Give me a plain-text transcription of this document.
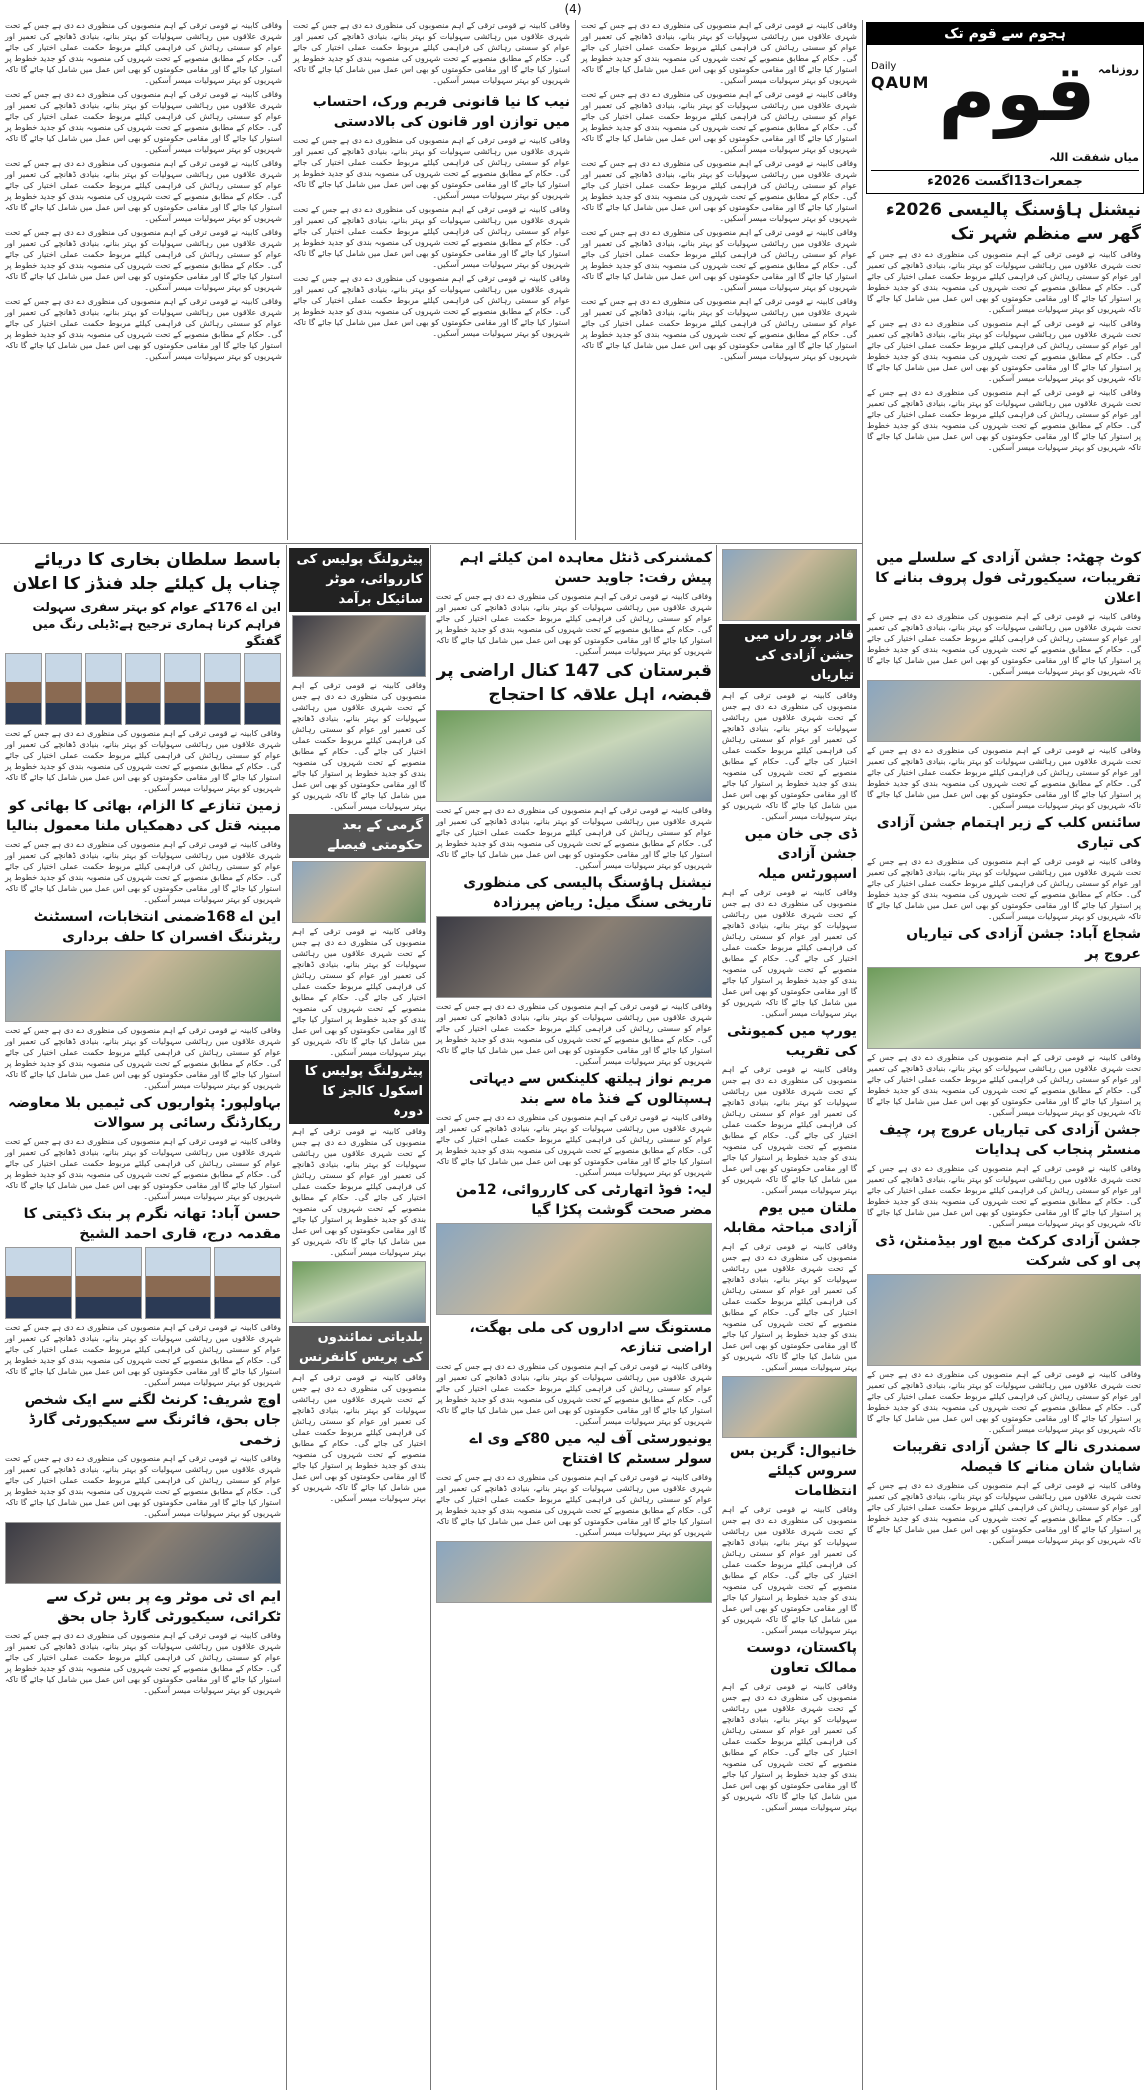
(4)
ہجوم سے قوم تک
Daily
QAUM
روزنامہ
قوم
میاں شفقت اللہ
جمعرات13اگست 2026ء
نیشنل ہاؤسنگ پالیسی 2026ء گھر سے منظم شہر تک
وفاقی کابینہ نے قومی ترقی کے اہم منصوبوں کی منظوری دے دی ہے جس کے تحت شہری علاقوں میں رہائشی سہولیات کو بہتر بنانے، بنیادی ڈھانچے کی تعمیر اور عوام کو سستی رہائش کی فراہمی کیلئے مربوط حکمت عملی اختیار کی جائے گی۔ حکام کے مطابق منصوبے کے تحت شہروں کی منصوبہ بندی کو جدید خطوط پر استوار کیا جائے گا اور مقامی حکومتوں کو بھی اس عمل میں شامل کیا جائے گا تاکہ شہریوں کو بہتر سہولیات میسر آسکیں۔
وفاقی کابینہ نے قومی ترقی کے اہم منصوبوں کی منظوری دے دی ہے جس کے تحت شہری علاقوں میں رہائشی سہولیات کو بہتر بنانے، بنیادی ڈھانچے کی تعمیر اور عوام کو سستی رہائش کی فراہمی کیلئے مربوط حکمت عملی اختیار کی جائے گی۔ حکام کے مطابق منصوبے کے تحت شہروں کی منصوبہ بندی کو جدید خطوط پر استوار کیا جائے گا اور مقامی حکومتوں کو بھی اس عمل میں شامل کیا جائے گا تاکہ شہریوں کو بہتر سہولیات میسر آسکیں۔
وفاقی کابینہ نے قومی ترقی کے اہم منصوبوں کی منظوری دے دی ہے جس کے تحت شہری علاقوں میں رہائشی سہولیات کو بہتر بنانے، بنیادی ڈھانچے کی تعمیر اور عوام کو سستی رہائش کی فراہمی کیلئے مربوط حکمت عملی اختیار کی جائے گی۔ حکام کے مطابق منصوبے کے تحت شہروں کی منصوبہ بندی کو جدید خطوط پر استوار کیا جائے گا اور مقامی حکومتوں کو بھی اس عمل میں شامل کیا جائے گا تاکہ شہریوں کو بہتر سہولیات میسر آسکیں۔
وفاقی کابینہ نے قومی ترقی کے اہم منصوبوں کی منظوری دے دی ہے جس کے تحت شہری علاقوں میں رہائشی سہولیات کو بہتر بنانے، بنیادی ڈھانچے کی تعمیر اور عوام کو سستی رہائش کی فراہمی کیلئے مربوط حکمت عملی اختیار کی جائے گی۔ حکام کے مطابق منصوبے کے تحت شہروں کی منصوبہ بندی کو جدید خطوط پر استوار کیا جائے گا اور مقامی حکومتوں کو بھی اس عمل میں شامل کیا جائے گا تاکہ شہریوں کو بہتر سہولیات میسر آسکیں۔
وفاقی کابینہ نے قومی ترقی کے اہم منصوبوں کی منظوری دے دی ہے جس کے تحت شہری علاقوں میں رہائشی سہولیات کو بہتر بنانے، بنیادی ڈھانچے کی تعمیر اور عوام کو سستی رہائش کی فراہمی کیلئے مربوط حکمت عملی اختیار کی جائے گی۔ حکام کے مطابق منصوبے کے تحت شہروں کی منصوبہ بندی کو جدید خطوط پر استوار کیا جائے گا اور مقامی حکومتوں کو بھی اس عمل میں شامل کیا جائے گا تاکہ شہریوں کو بہتر سہولیات میسر آسکیں۔
وفاقی کابینہ نے قومی ترقی کے اہم منصوبوں کی منظوری دے دی ہے جس کے تحت شہری علاقوں میں رہائشی سہولیات کو بہتر بنانے، بنیادی ڈھانچے کی تعمیر اور عوام کو سستی رہائش کی فراہمی کیلئے مربوط حکمت عملی اختیار کی جائے گی۔ حکام کے مطابق منصوبے کے تحت شہروں کی منصوبہ بندی کو جدید خطوط پر استوار کیا جائے گا اور مقامی حکومتوں کو بھی اس عمل میں شامل کیا جائے گا تاکہ شہریوں کو بہتر سہولیات میسر آسکیں۔
وفاقی کابینہ نے قومی ترقی کے اہم منصوبوں کی منظوری دے دی ہے جس کے تحت شہری علاقوں میں رہائشی سہولیات کو بہتر بنانے، بنیادی ڈھانچے کی تعمیر اور عوام کو سستی رہائش کی فراہمی کیلئے مربوط حکمت عملی اختیار کی جائے گی۔ حکام کے مطابق منصوبے کے تحت شہروں کی منصوبہ بندی کو جدید خطوط پر استوار کیا جائے گا اور مقامی حکومتوں کو بھی اس عمل میں شامل کیا جائے گا تاکہ شہریوں کو بہتر سہولیات میسر آسکیں۔
وفاقی کابینہ نے قومی ترقی کے اہم منصوبوں کی منظوری دے دی ہے جس کے تحت شہری علاقوں میں رہائشی سہولیات کو بہتر بنانے، بنیادی ڈھانچے کی تعمیر اور عوام کو سستی رہائش کی فراہمی کیلئے مربوط حکمت عملی اختیار کی جائے گی۔ حکام کے مطابق منصوبے کے تحت شہروں کی منصوبہ بندی کو جدید خطوط پر استوار کیا جائے گا اور مقامی حکومتوں کو بھی اس عمل میں شامل کیا جائے گا تاکہ شہریوں کو بہتر سہولیات میسر آسکیں۔
وفاقی کابینہ نے قومی ترقی کے اہم منصوبوں کی منظوری دے دی ہے جس کے تحت شہری علاقوں میں رہائشی سہولیات کو بہتر بنانے، بنیادی ڈھانچے کی تعمیر اور عوام کو سستی رہائش کی فراہمی کیلئے مربوط حکمت عملی اختیار کی جائے گی۔ حکام کے مطابق منصوبے کے تحت شہروں کی منصوبہ بندی کو جدید خطوط پر استوار کیا جائے گا اور مقامی حکومتوں کو بھی اس عمل میں شامل کیا جائے گا تاکہ شہریوں کو بہتر سہولیات میسر آسکیں۔
نیب کا نیا قانونی فریم ورک، احتساب میں توازن اور قانون کی بالادستی
وفاقی کابینہ نے قومی ترقی کے اہم منصوبوں کی منظوری دے دی ہے جس کے تحت شہری علاقوں میں رہائشی سہولیات کو بہتر بنانے، بنیادی ڈھانچے کی تعمیر اور عوام کو سستی رہائش کی فراہمی کیلئے مربوط حکمت عملی اختیار کی جائے گی۔ حکام کے مطابق منصوبے کے تحت شہروں کی منصوبہ بندی کو جدید خطوط پر استوار کیا جائے گا اور مقامی حکومتوں کو بھی اس عمل میں شامل کیا جائے گا تاکہ شہریوں کو بہتر سہولیات میسر آسکیں۔
وفاقی کابینہ نے قومی ترقی کے اہم منصوبوں کی منظوری دے دی ہے جس کے تحت شہری علاقوں میں رہائشی سہولیات کو بہتر بنانے، بنیادی ڈھانچے کی تعمیر اور عوام کو سستی رہائش کی فراہمی کیلئے مربوط حکمت عملی اختیار کی جائے گی۔ حکام کے مطابق منصوبے کے تحت شہروں کی منصوبہ بندی کو جدید خطوط پر استوار کیا جائے گا اور مقامی حکومتوں کو بھی اس عمل میں شامل کیا جائے گا تاکہ شہریوں کو بہتر سہولیات میسر آسکیں۔
وفاقی کابینہ نے قومی ترقی کے اہم منصوبوں کی منظوری دے دی ہے جس کے تحت شہری علاقوں میں رہائشی سہولیات کو بہتر بنانے، بنیادی ڈھانچے کی تعمیر اور عوام کو سستی رہائش کی فراہمی کیلئے مربوط حکمت عملی اختیار کی جائے گی۔ حکام کے مطابق منصوبے کے تحت شہروں کی منصوبہ بندی کو جدید خطوط پر استوار کیا جائے گا اور مقامی حکومتوں کو بھی اس عمل میں شامل کیا جائے گا تاکہ شہریوں کو بہتر سہولیات میسر آسکیں۔
وفاقی کابینہ نے قومی ترقی کے اہم منصوبوں کی منظوری دے دی ہے جس کے تحت شہری علاقوں میں رہائشی سہولیات کو بہتر بنانے، بنیادی ڈھانچے کی تعمیر اور عوام کو سستی رہائش کی فراہمی کیلئے مربوط حکمت عملی اختیار کی جائے گی۔ حکام کے مطابق منصوبے کے تحت شہروں کی منصوبہ بندی کو جدید خطوط پر استوار کیا جائے گا اور مقامی حکومتوں کو بھی اس عمل میں شامل کیا جائے گا تاکہ شہریوں کو بہتر سہولیات میسر آسکیں۔
وفاقی کابینہ نے قومی ترقی کے اہم منصوبوں کی منظوری دے دی ہے جس کے تحت شہری علاقوں میں رہائشی سہولیات کو بہتر بنانے، بنیادی ڈھانچے کی تعمیر اور عوام کو سستی رہائش کی فراہمی کیلئے مربوط حکمت عملی اختیار کی جائے گی۔ حکام کے مطابق منصوبے کے تحت شہروں کی منصوبہ بندی کو جدید خطوط پر استوار کیا جائے گا اور مقامی حکومتوں کو بھی اس عمل میں شامل کیا جائے گا تاکہ شہریوں کو بہتر سہولیات میسر آسکیں۔
وفاقی کابینہ نے قومی ترقی کے اہم منصوبوں کی منظوری دے دی ہے جس کے تحت شہری علاقوں میں رہائشی سہولیات کو بہتر بنانے، بنیادی ڈھانچے کی تعمیر اور عوام کو سستی رہائش کی فراہمی کیلئے مربوط حکمت عملی اختیار کی جائے گی۔ حکام کے مطابق منصوبے کے تحت شہروں کی منصوبہ بندی کو جدید خطوط پر استوار کیا جائے گا اور مقامی حکومتوں کو بھی اس عمل میں شامل کیا جائے گا تاکہ شہریوں کو بہتر سہولیات میسر آسکیں۔
وفاقی کابینہ نے قومی ترقی کے اہم منصوبوں کی منظوری دے دی ہے جس کے تحت شہری علاقوں میں رہائشی سہولیات کو بہتر بنانے، بنیادی ڈھانچے کی تعمیر اور عوام کو سستی رہائش کی فراہمی کیلئے مربوط حکمت عملی اختیار کی جائے گی۔ حکام کے مطابق منصوبے کے تحت شہروں کی منصوبہ بندی کو جدید خطوط پر استوار کیا جائے گا اور مقامی حکومتوں کو بھی اس عمل میں شامل کیا جائے گا تاکہ شہریوں کو بہتر سہولیات میسر آسکیں۔
وفاقی کابینہ نے قومی ترقی کے اہم منصوبوں کی منظوری دے دی ہے جس کے تحت شہری علاقوں میں رہائشی سہولیات کو بہتر بنانے، بنیادی ڈھانچے کی تعمیر اور عوام کو سستی رہائش کی فراہمی کیلئے مربوط حکمت عملی اختیار کی جائے گی۔ حکام کے مطابق منصوبے کے تحت شہروں کی منصوبہ بندی کو جدید خطوط پر استوار کیا جائے گا اور مقامی حکومتوں کو بھی اس عمل میں شامل کیا جائے گا تاکہ شہریوں کو بہتر سہولیات میسر آسکیں۔
کوٹ چھٹہ: جشن آزادی کے سلسلے میں تقریبات، سیکیورٹی فول پروف بنانے کا اعلان
وفاقی کابینہ نے قومی ترقی کے اہم منصوبوں کی منظوری دے دی ہے جس کے تحت شہری علاقوں میں رہائشی سہولیات کو بہتر بنانے، بنیادی ڈھانچے کی تعمیر اور عوام کو سستی رہائش کی فراہمی کیلئے مربوط حکمت عملی اختیار کی جائے گی۔ حکام کے مطابق منصوبے کے تحت شہروں کی منصوبہ بندی کو جدید خطوط پر استوار کیا جائے گا اور مقامی حکومتوں کو بھی اس عمل میں شامل کیا جائے گا تاکہ شہریوں کو بہتر سہولیات میسر آسکیں۔
وفاقی کابینہ نے قومی ترقی کے اہم منصوبوں کی منظوری دے دی ہے جس کے تحت شہری علاقوں میں رہائشی سہولیات کو بہتر بنانے، بنیادی ڈھانچے کی تعمیر اور عوام کو سستی رہائش کی فراہمی کیلئے مربوط حکمت عملی اختیار کی جائے گی۔ حکام کے مطابق منصوبے کے تحت شہروں کی منصوبہ بندی کو جدید خطوط پر استوار کیا جائے گا اور مقامی حکومتوں کو بھی اس عمل میں شامل کیا جائے گا تاکہ شہریوں کو بہتر سہولیات میسر آسکیں۔
سائنس کلب کے زیر اہتمام جشن آزادی کی تیاری
وفاقی کابینہ نے قومی ترقی کے اہم منصوبوں کی منظوری دے دی ہے جس کے تحت شہری علاقوں میں رہائشی سہولیات کو بہتر بنانے، بنیادی ڈھانچے کی تعمیر اور عوام کو سستی رہائش کی فراہمی کیلئے مربوط حکمت عملی اختیار کی جائے گی۔ حکام کے مطابق منصوبے کے تحت شہروں کی منصوبہ بندی کو جدید خطوط پر استوار کیا جائے گا اور مقامی حکومتوں کو بھی اس عمل میں شامل کیا جائے گا تاکہ شہریوں کو بہتر سہولیات میسر آسکیں۔
شجاع آباد: جشن آزادی کی تیاریاں عروج پر
وفاقی کابینہ نے قومی ترقی کے اہم منصوبوں کی منظوری دے دی ہے جس کے تحت شہری علاقوں میں رہائشی سہولیات کو بہتر بنانے، بنیادی ڈھانچے کی تعمیر اور عوام کو سستی رہائش کی فراہمی کیلئے مربوط حکمت عملی اختیار کی جائے گی۔ حکام کے مطابق منصوبے کے تحت شہروں کی منصوبہ بندی کو جدید خطوط پر استوار کیا جائے گا اور مقامی حکومتوں کو بھی اس عمل میں شامل کیا جائے گا تاکہ شہریوں کو بہتر سہولیات میسر آسکیں۔
جشن آزادی کی تیاریاں عروج پر، چیف منسٹر پنجاب کی ہدایات
وفاقی کابینہ نے قومی ترقی کے اہم منصوبوں کی منظوری دے دی ہے جس کے تحت شہری علاقوں میں رہائشی سہولیات کو بہتر بنانے، بنیادی ڈھانچے کی تعمیر اور عوام کو سستی رہائش کی فراہمی کیلئے مربوط حکمت عملی اختیار کی جائے گی۔ حکام کے مطابق منصوبے کے تحت شہروں کی منصوبہ بندی کو جدید خطوط پر استوار کیا جائے گا اور مقامی حکومتوں کو بھی اس عمل میں شامل کیا جائے گا تاکہ شہریوں کو بہتر سہولیات میسر آسکیں۔
جشن آزادی کرکٹ میچ اور بیڈمنٹن، ڈی پی او کی شرکت
وفاقی کابینہ نے قومی ترقی کے اہم منصوبوں کی منظوری دے دی ہے جس کے تحت شہری علاقوں میں رہائشی سہولیات کو بہتر بنانے، بنیادی ڈھانچے کی تعمیر اور عوام کو سستی رہائش کی فراہمی کیلئے مربوط حکمت عملی اختیار کی جائے گی۔ حکام کے مطابق منصوبے کے تحت شہروں کی منصوبہ بندی کو جدید خطوط پر استوار کیا جائے گا اور مقامی حکومتوں کو بھی اس عمل میں شامل کیا جائے گا تاکہ شہریوں کو بہتر سہولیات میسر آسکیں۔
سمندری نالے کا جشن آزادی تقریبات شایان شان منانے کا فیصلہ
وفاقی کابینہ نے قومی ترقی کے اہم منصوبوں کی منظوری دے دی ہے جس کے تحت شہری علاقوں میں رہائشی سہولیات کو بہتر بنانے، بنیادی ڈھانچے کی تعمیر اور عوام کو سستی رہائش کی فراہمی کیلئے مربوط حکمت عملی اختیار کی جائے گی۔ حکام کے مطابق منصوبے کے تحت شہروں کی منصوبہ بندی کو جدید خطوط پر استوار کیا جائے گا اور مقامی حکومتوں کو بھی اس عمل میں شامل کیا جائے گا تاکہ شہریوں کو بہتر سہولیات میسر آسکیں۔
قادر پور راں میں جشن آزادی کی تیاریاں
وفاقی کابینہ نے قومی ترقی کے اہم منصوبوں کی منظوری دے دی ہے جس کے تحت شہری علاقوں میں رہائشی سہولیات کو بہتر بنانے، بنیادی ڈھانچے کی تعمیر اور عوام کو سستی رہائش کی فراہمی کیلئے مربوط حکمت عملی اختیار کی جائے گی۔ حکام کے مطابق منصوبے کے تحت شہروں کی منصوبہ بندی کو جدید خطوط پر استوار کیا جائے گا اور مقامی حکومتوں کو بھی اس عمل میں شامل کیا جائے گا تاکہ شہریوں کو بہتر سہولیات میسر آسکیں۔
ڈی جی خان میں جشن آزادی اسپورٹس میلہ
وفاقی کابینہ نے قومی ترقی کے اہم منصوبوں کی منظوری دے دی ہے جس کے تحت شہری علاقوں میں رہائشی سہولیات کو بہتر بنانے، بنیادی ڈھانچے کی تعمیر اور عوام کو سستی رہائش کی فراہمی کیلئے مربوط حکمت عملی اختیار کی جائے گی۔ حکام کے مطابق منصوبے کے تحت شہروں کی منصوبہ بندی کو جدید خطوط پر استوار کیا جائے گا اور مقامی حکومتوں کو بھی اس عمل میں شامل کیا جائے گا تاکہ شہریوں کو بہتر سہولیات میسر آسکیں۔
یورپ میں کمیونٹی کی تقریب
وفاقی کابینہ نے قومی ترقی کے اہم منصوبوں کی منظوری دے دی ہے جس کے تحت شہری علاقوں میں رہائشی سہولیات کو بہتر بنانے، بنیادی ڈھانچے کی تعمیر اور عوام کو سستی رہائش کی فراہمی کیلئے مربوط حکمت عملی اختیار کی جائے گی۔ حکام کے مطابق منصوبے کے تحت شہروں کی منصوبہ بندی کو جدید خطوط پر استوار کیا جائے گا اور مقامی حکومتوں کو بھی اس عمل میں شامل کیا جائے گا تاکہ شہریوں کو بہتر سہولیات میسر آسکیں۔
ملتان میں یوم آزادی مباحثہ مقابلہ
وفاقی کابینہ نے قومی ترقی کے اہم منصوبوں کی منظوری دے دی ہے جس کے تحت شہری علاقوں میں رہائشی سہولیات کو بہتر بنانے، بنیادی ڈھانچے کی تعمیر اور عوام کو سستی رہائش کی فراہمی کیلئے مربوط حکمت عملی اختیار کی جائے گی۔ حکام کے مطابق منصوبے کے تحت شہروں کی منصوبہ بندی کو جدید خطوط پر استوار کیا جائے گا اور مقامی حکومتوں کو بھی اس عمل میں شامل کیا جائے گا تاکہ شہریوں کو بہتر سہولیات میسر آسکیں۔
خانیوال: گرین بس سروس کیلئے انتظامات
وفاقی کابینہ نے قومی ترقی کے اہم منصوبوں کی منظوری دے دی ہے جس کے تحت شہری علاقوں میں رہائشی سہولیات کو بہتر بنانے، بنیادی ڈھانچے کی تعمیر اور عوام کو سستی رہائش کی فراہمی کیلئے مربوط حکمت عملی اختیار کی جائے گی۔ حکام کے مطابق منصوبے کے تحت شہروں کی منصوبہ بندی کو جدید خطوط پر استوار کیا جائے گا اور مقامی حکومتوں کو بھی اس عمل میں شامل کیا جائے گا تاکہ شہریوں کو بہتر سہولیات میسر آسکیں۔
پاکستان، دوست ممالک تعاون
وفاقی کابینہ نے قومی ترقی کے اہم منصوبوں کی منظوری دے دی ہے جس کے تحت شہری علاقوں میں رہائشی سہولیات کو بہتر بنانے، بنیادی ڈھانچے کی تعمیر اور عوام کو سستی رہائش کی فراہمی کیلئے مربوط حکمت عملی اختیار کی جائے گی۔ حکام کے مطابق منصوبے کے تحت شہروں کی منصوبہ بندی کو جدید خطوط پر استوار کیا جائے گا اور مقامی حکومتوں کو بھی اس عمل میں شامل کیا جائے گا تاکہ شہریوں کو بہتر سہولیات میسر آسکیں۔
کمشنرکی ڈنٹل معاہدہ امن کیلئے اہم پیش رفت: جاوید حسن
وفاقی کابینہ نے قومی ترقی کے اہم منصوبوں کی منظوری دے دی ہے جس کے تحت شہری علاقوں میں رہائشی سہولیات کو بہتر بنانے، بنیادی ڈھانچے کی تعمیر اور عوام کو سستی رہائش کی فراہمی کیلئے مربوط حکمت عملی اختیار کی جائے گی۔ حکام کے مطابق منصوبے کے تحت شہروں کی منصوبہ بندی کو جدید خطوط پر استوار کیا جائے گا اور مقامی حکومتوں کو بھی اس عمل میں شامل کیا جائے گا تاکہ شہریوں کو بہتر سہولیات میسر آسکیں۔
قبرستان کی 147 کنال اراضی پر قبضہ، اہل علاقہ کا احتجاج
وفاقی کابینہ نے قومی ترقی کے اہم منصوبوں کی منظوری دے دی ہے جس کے تحت شہری علاقوں میں رہائشی سہولیات کو بہتر بنانے، بنیادی ڈھانچے کی تعمیر اور عوام کو سستی رہائش کی فراہمی کیلئے مربوط حکمت عملی اختیار کی جائے گی۔ حکام کے مطابق منصوبے کے تحت شہروں کی منصوبہ بندی کو جدید خطوط پر استوار کیا جائے گا اور مقامی حکومتوں کو بھی اس عمل میں شامل کیا جائے گا تاکہ شہریوں کو بہتر سہولیات میسر آسکیں۔
نیشنل ہاؤسنگ پالیسی کی منظوری تاریخی سنگ میل: ریاض پیرزادہ
وفاقی کابینہ نے قومی ترقی کے اہم منصوبوں کی منظوری دے دی ہے جس کے تحت شہری علاقوں میں رہائشی سہولیات کو بہتر بنانے، بنیادی ڈھانچے کی تعمیر اور عوام کو سستی رہائش کی فراہمی کیلئے مربوط حکمت عملی اختیار کی جائے گی۔ حکام کے مطابق منصوبے کے تحت شہروں کی منصوبہ بندی کو جدید خطوط پر استوار کیا جائے گا اور مقامی حکومتوں کو بھی اس عمل میں شامل کیا جائے گا تاکہ شہریوں کو بہتر سہولیات میسر آسکیں۔
مریم نواز ہیلتھ کلینکس سے دیہاتی ہسپتالوں کے فنڈ ماہ سے بند
وفاقی کابینہ نے قومی ترقی کے اہم منصوبوں کی منظوری دے دی ہے جس کے تحت شہری علاقوں میں رہائشی سہولیات کو بہتر بنانے، بنیادی ڈھانچے کی تعمیر اور عوام کو سستی رہائش کی فراہمی کیلئے مربوط حکمت عملی اختیار کی جائے گی۔ حکام کے مطابق منصوبے کے تحت شہروں کی منصوبہ بندی کو جدید خطوط پر استوار کیا جائے گا اور مقامی حکومتوں کو بھی اس عمل میں شامل کیا جائے گا تاکہ شہریوں کو بہتر سہولیات میسر آسکیں۔
لیہ: فوڈ اتھارٹی کی کارروائی، 12من مضر صحت گوشت پکڑا گیا
مستونگ سے اداروں کی ملی بھگت، اراضی تنازعہ
وفاقی کابینہ نے قومی ترقی کے اہم منصوبوں کی منظوری دے دی ہے جس کے تحت شہری علاقوں میں رہائشی سہولیات کو بہتر بنانے، بنیادی ڈھانچے کی تعمیر اور عوام کو سستی رہائش کی فراہمی کیلئے مربوط حکمت عملی اختیار کی جائے گی۔ حکام کے مطابق منصوبے کے تحت شہروں کی منصوبہ بندی کو جدید خطوط پر استوار کیا جائے گا اور مقامی حکومتوں کو بھی اس عمل میں شامل کیا جائے گا تاکہ شہریوں کو بہتر سہولیات میسر آسکیں۔
یونیورسٹی آف لیہ میں 80کے وی اے سولر سسٹم کا افتتاح
وفاقی کابینہ نے قومی ترقی کے اہم منصوبوں کی منظوری دے دی ہے جس کے تحت شہری علاقوں میں رہائشی سہولیات کو بہتر بنانے، بنیادی ڈھانچے کی تعمیر اور عوام کو سستی رہائش کی فراہمی کیلئے مربوط حکمت عملی اختیار کی جائے گی۔ حکام کے مطابق منصوبے کے تحت شہروں کی منصوبہ بندی کو جدید خطوط پر استوار کیا جائے گا اور مقامی حکومتوں کو بھی اس عمل میں شامل کیا جائے گا تاکہ شہریوں کو بہتر سہولیات میسر آسکیں۔
پیٹرولنگ پولیس کی کارروائی، موٹر سائیکل برآمد
وفاقی کابینہ نے قومی ترقی کے اہم منصوبوں کی منظوری دے دی ہے جس کے تحت شہری علاقوں میں رہائشی سہولیات کو بہتر بنانے، بنیادی ڈھانچے کی تعمیر اور عوام کو سستی رہائش کی فراہمی کیلئے مربوط حکمت عملی اختیار کی جائے گی۔ حکام کے مطابق منصوبے کے تحت شہروں کی منصوبہ بندی کو جدید خطوط پر استوار کیا جائے گا اور مقامی حکومتوں کو بھی اس عمل میں شامل کیا جائے گا تاکہ شہریوں کو بہتر سہولیات میسر آسکیں۔
گرمی کے بعد حکومتی فیصلے
وفاقی کابینہ نے قومی ترقی کے اہم منصوبوں کی منظوری دے دی ہے جس کے تحت شہری علاقوں میں رہائشی سہولیات کو بہتر بنانے، بنیادی ڈھانچے کی تعمیر اور عوام کو سستی رہائش کی فراہمی کیلئے مربوط حکمت عملی اختیار کی جائے گی۔ حکام کے مطابق منصوبے کے تحت شہروں کی منصوبہ بندی کو جدید خطوط پر استوار کیا جائے گا اور مقامی حکومتوں کو بھی اس عمل میں شامل کیا جائے گا تاکہ شہریوں کو بہتر سہولیات میسر آسکیں۔
پیٹرولنگ پولیس کا اسکول کالجز کا دورہ
وفاقی کابینہ نے قومی ترقی کے اہم منصوبوں کی منظوری دے دی ہے جس کے تحت شہری علاقوں میں رہائشی سہولیات کو بہتر بنانے، بنیادی ڈھانچے کی تعمیر اور عوام کو سستی رہائش کی فراہمی کیلئے مربوط حکمت عملی اختیار کی جائے گی۔ حکام کے مطابق منصوبے کے تحت شہروں کی منصوبہ بندی کو جدید خطوط پر استوار کیا جائے گا اور مقامی حکومتوں کو بھی اس عمل میں شامل کیا جائے گا تاکہ شہریوں کو بہتر سہولیات میسر آسکیں۔
بلدیاتی نمائندوں کی پریس کانفرنس
وفاقی کابینہ نے قومی ترقی کے اہم منصوبوں کی منظوری دے دی ہے جس کے تحت شہری علاقوں میں رہائشی سہولیات کو بہتر بنانے، بنیادی ڈھانچے کی تعمیر اور عوام کو سستی رہائش کی فراہمی کیلئے مربوط حکمت عملی اختیار کی جائے گی۔ حکام کے مطابق منصوبے کے تحت شہروں کی منصوبہ بندی کو جدید خطوط پر استوار کیا جائے گا اور مقامی حکومتوں کو بھی اس عمل میں شامل کیا جائے گا تاکہ شہریوں کو بہتر سہولیات میسر آسکیں۔
باسط سلطان بخاری کا دریائے چناب پل کیلئے جلد فنڈز کا اعلان
این اے 176کے عوام کو بہتر سفری سہولت فراہم کرنا ہماری ترجیح ہے:ڈیلی رنگ میں گفتگو
وفاقی کابینہ نے قومی ترقی کے اہم منصوبوں کی منظوری دے دی ہے جس کے تحت شہری علاقوں میں رہائشی سہولیات کو بہتر بنانے، بنیادی ڈھانچے کی تعمیر اور عوام کو سستی رہائش کی فراہمی کیلئے مربوط حکمت عملی اختیار کی جائے گی۔ حکام کے مطابق منصوبے کے تحت شہروں کی منصوبہ بندی کو جدید خطوط پر استوار کیا جائے گا اور مقامی حکومتوں کو بھی اس عمل میں شامل کیا جائے گا تاکہ شہریوں کو بہتر سہولیات میسر آسکیں۔
زمین تنازعے کا الزام، بھائی کا بھائی کو مبینہ قتل کی دھمکیاں ملنا معمول بنالیا
وفاقی کابینہ نے قومی ترقی کے اہم منصوبوں کی منظوری دے دی ہے جس کے تحت شہری علاقوں میں رہائشی سہولیات کو بہتر بنانے، بنیادی ڈھانچے کی تعمیر اور عوام کو سستی رہائش کی فراہمی کیلئے مربوط حکمت عملی اختیار کی جائے گی۔ حکام کے مطابق منصوبے کے تحت شہروں کی منصوبہ بندی کو جدید خطوط پر استوار کیا جائے گا اور مقامی حکومتوں کو بھی اس عمل میں شامل کیا جائے گا تاکہ شہریوں کو بہتر سہولیات میسر آسکیں۔
این اے 168ضمنی انتخابات، اسسٹنٹ ریٹرننگ افسران کا حلف برداری
وفاقی کابینہ نے قومی ترقی کے اہم منصوبوں کی منظوری دے دی ہے جس کے تحت شہری علاقوں میں رہائشی سہولیات کو بہتر بنانے، بنیادی ڈھانچے کی تعمیر اور عوام کو سستی رہائش کی فراہمی کیلئے مربوط حکمت عملی اختیار کی جائے گی۔ حکام کے مطابق منصوبے کے تحت شہروں کی منصوبہ بندی کو جدید خطوط پر استوار کیا جائے گا اور مقامی حکومتوں کو بھی اس عمل میں شامل کیا جائے گا تاکہ شہریوں کو بہتر سہولیات میسر آسکیں۔
بہاولپور: پٹواریوں کی ٹیمیں بلا معاوضہ ریکارڈنگ رسائی پر سوالات
وفاقی کابینہ نے قومی ترقی کے اہم منصوبوں کی منظوری دے دی ہے جس کے تحت شہری علاقوں میں رہائشی سہولیات کو بہتر بنانے، بنیادی ڈھانچے کی تعمیر اور عوام کو سستی رہائش کی فراہمی کیلئے مربوط حکمت عملی اختیار کی جائے گی۔ حکام کے مطابق منصوبے کے تحت شہروں کی منصوبہ بندی کو جدید خطوط پر استوار کیا جائے گا اور مقامی حکومتوں کو بھی اس عمل میں شامل کیا جائے گا تاکہ شہریوں کو بہتر سہولیات میسر آسکیں۔
حسن آباد: تھانہ نگرم پر بنک ڈکیتی کا مقدمہ درج، قاری احمد الشیخ
وفاقی کابینہ نے قومی ترقی کے اہم منصوبوں کی منظوری دے دی ہے جس کے تحت شہری علاقوں میں رہائشی سہولیات کو بہتر بنانے، بنیادی ڈھانچے کی تعمیر اور عوام کو سستی رہائش کی فراہمی کیلئے مربوط حکمت عملی اختیار کی جائے گی۔ حکام کے مطابق منصوبے کے تحت شہروں کی منصوبہ بندی کو جدید خطوط پر استوار کیا جائے گا اور مقامی حکومتوں کو بھی اس عمل میں شامل کیا جائے گا تاکہ شہریوں کو بہتر سہولیات میسر آسکیں۔
اوچ شریف: کرنٹ لگنے سے ایک شخص جاں بحق، فائرنگ سے سیکیورٹی گارڈ زخمی
وفاقی کابینہ نے قومی ترقی کے اہم منصوبوں کی منظوری دے دی ہے جس کے تحت شہری علاقوں میں رہائشی سہولیات کو بہتر بنانے، بنیادی ڈھانچے کی تعمیر اور عوام کو سستی رہائش کی فراہمی کیلئے مربوط حکمت عملی اختیار کی جائے گی۔ حکام کے مطابق منصوبے کے تحت شہروں کی منصوبہ بندی کو جدید خطوط پر استوار کیا جائے گا اور مقامی حکومتوں کو بھی اس عمل میں شامل کیا جائے گا تاکہ شہریوں کو بہتر سہولیات میسر آسکیں۔
ایم ای ٹی موٹر وے پر بس ٹرک سے ٹکرائی، سیکیورٹی گارڈ جاں بحق
وفاقی کابینہ نے قومی ترقی کے اہم منصوبوں کی منظوری دے دی ہے جس کے تحت شہری علاقوں میں رہائشی سہولیات کو بہتر بنانے، بنیادی ڈھانچے کی تعمیر اور عوام کو سستی رہائش کی فراہمی کیلئے مربوط حکمت عملی اختیار کی جائے گی۔ حکام کے مطابق منصوبے کے تحت شہروں کی منصوبہ بندی کو جدید خطوط پر استوار کیا جائے گا اور مقامی حکومتوں کو بھی اس عمل میں شامل کیا جائے گا تاکہ شہریوں کو بہتر سہولیات میسر آسکیں۔
